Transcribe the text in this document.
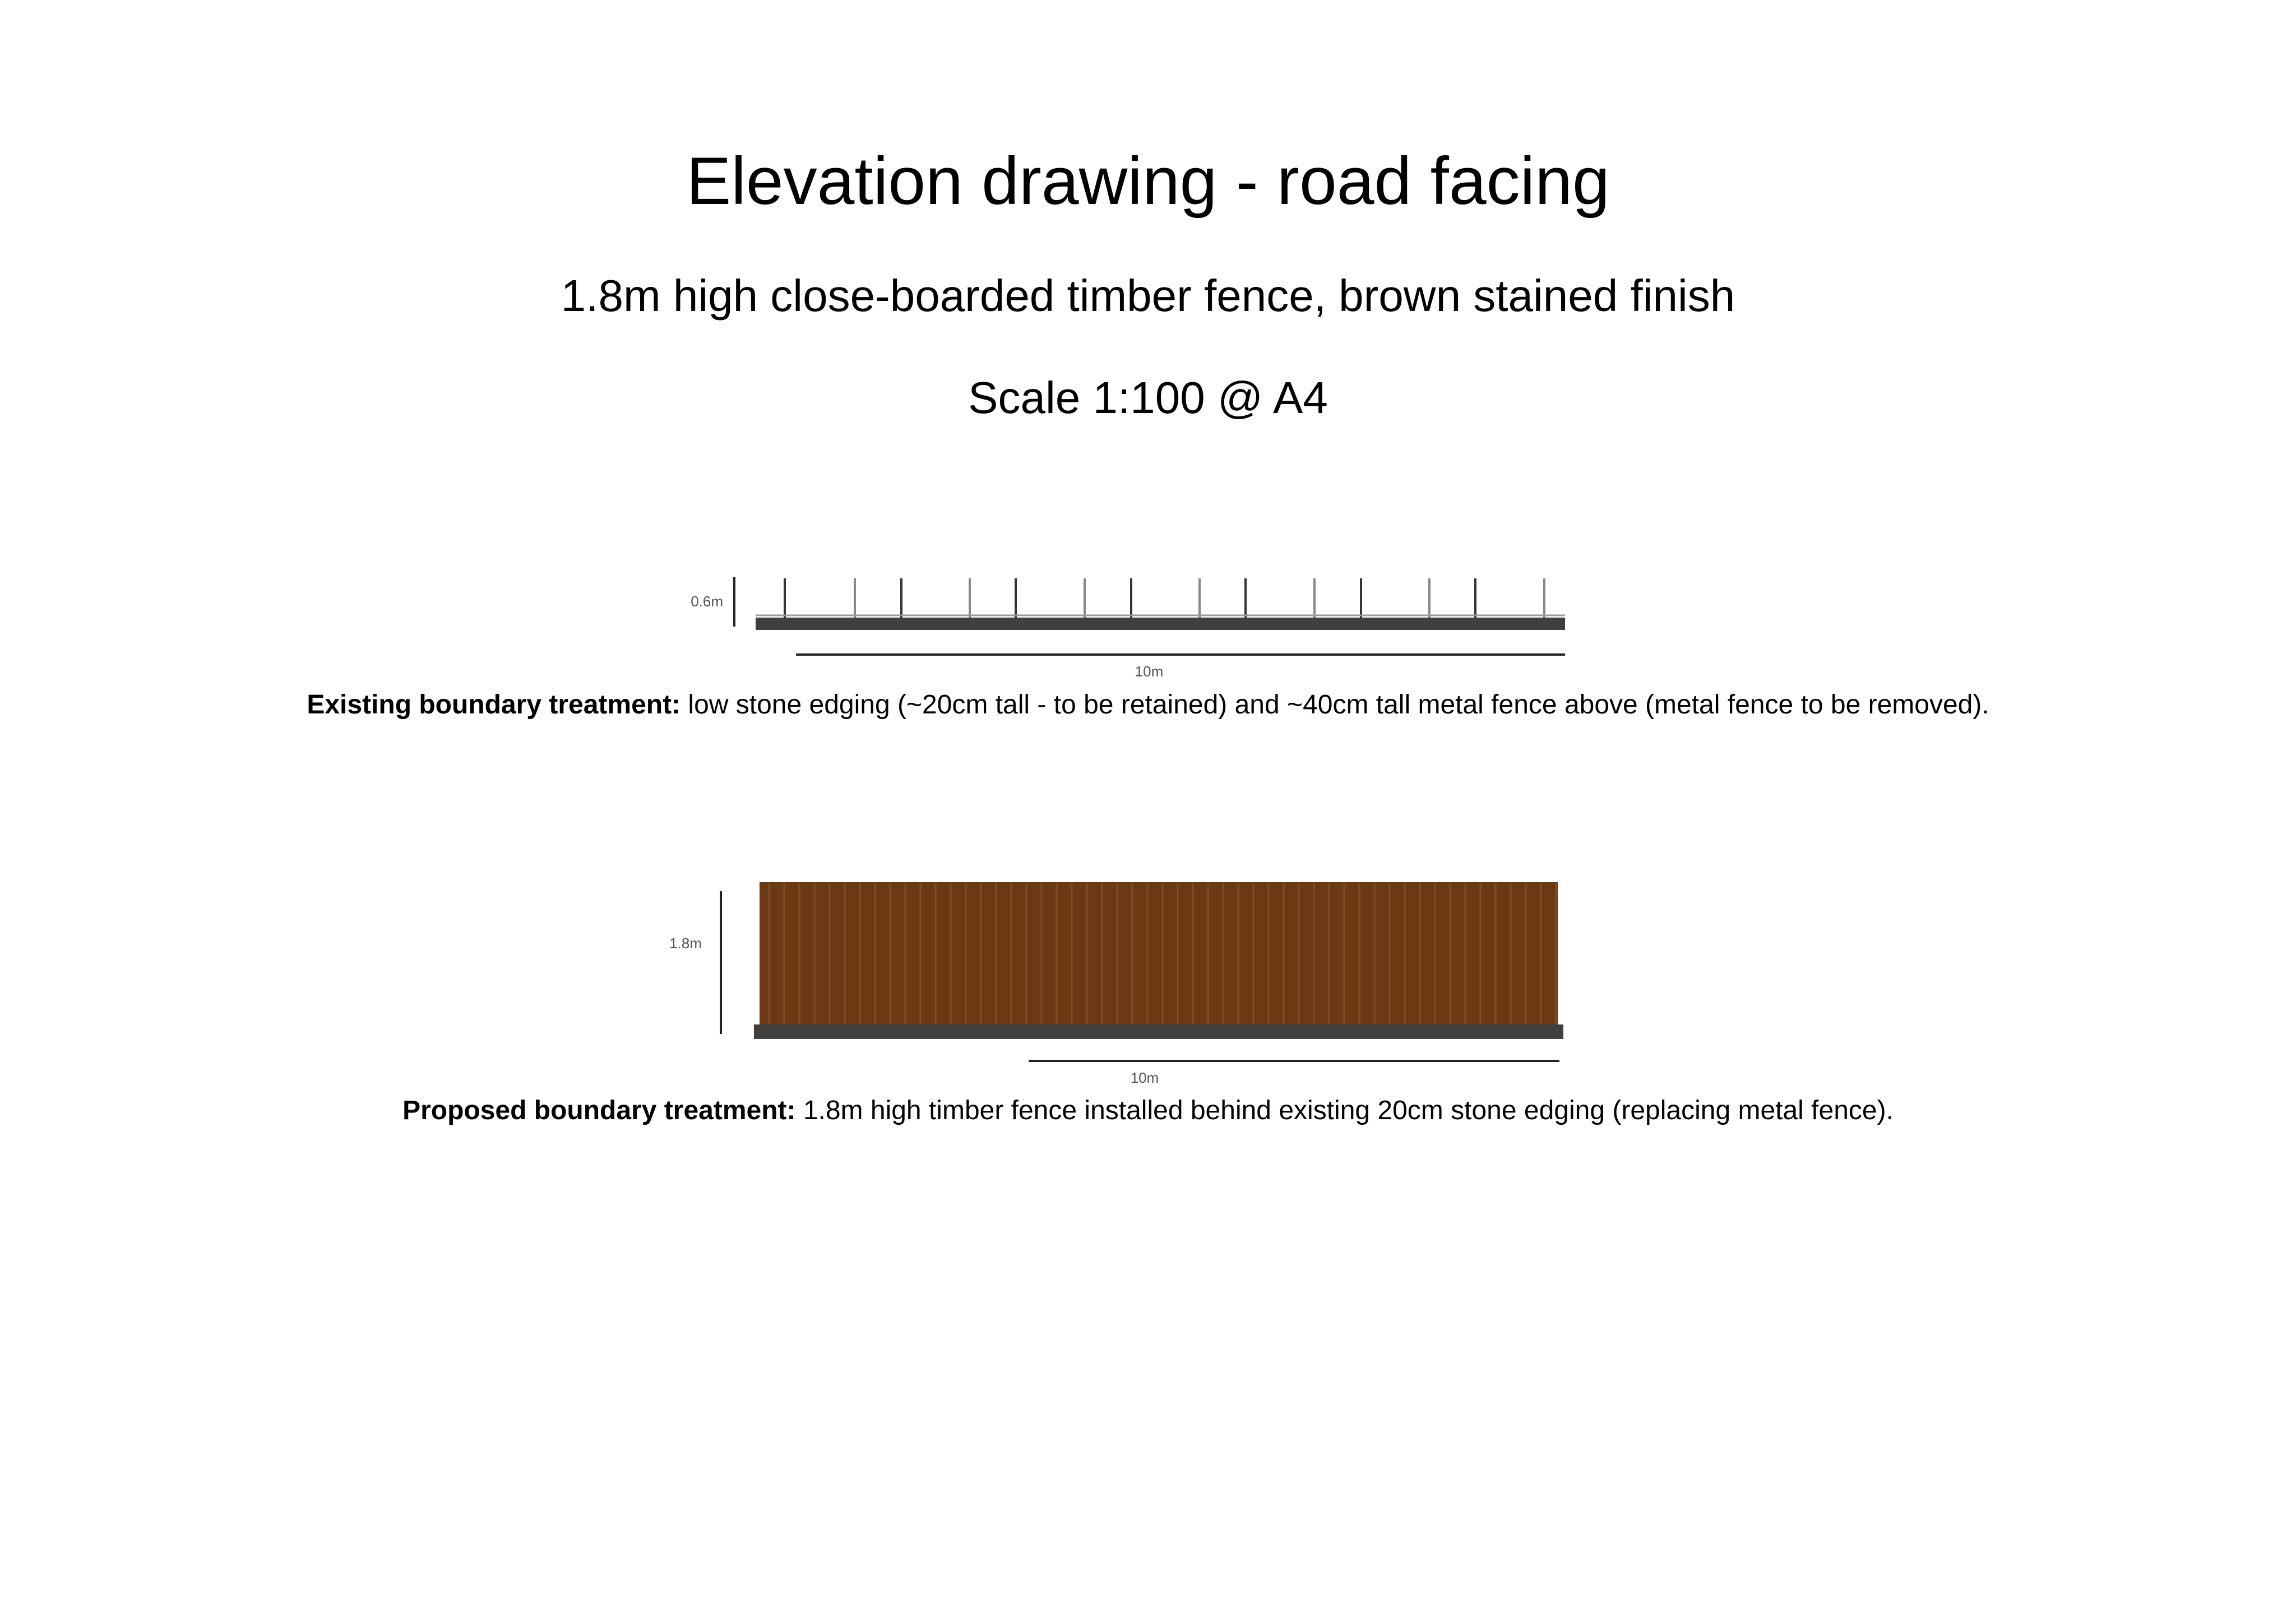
Elevation drawing - road facing

1.8m high close-boarded timber fence, brown stained finish

Scale 1:100 @ A4

0.6m
10m
1.8m
10m

Existing boundary treatment: low stone edging (~20cm tall - to be retained) and ~40cm tall metal fence above (metal fence to be removed).

Proposed boundary treatment: 1.8m high timber fence installed behind existing 20cm stone edging (replacing metal fence).
